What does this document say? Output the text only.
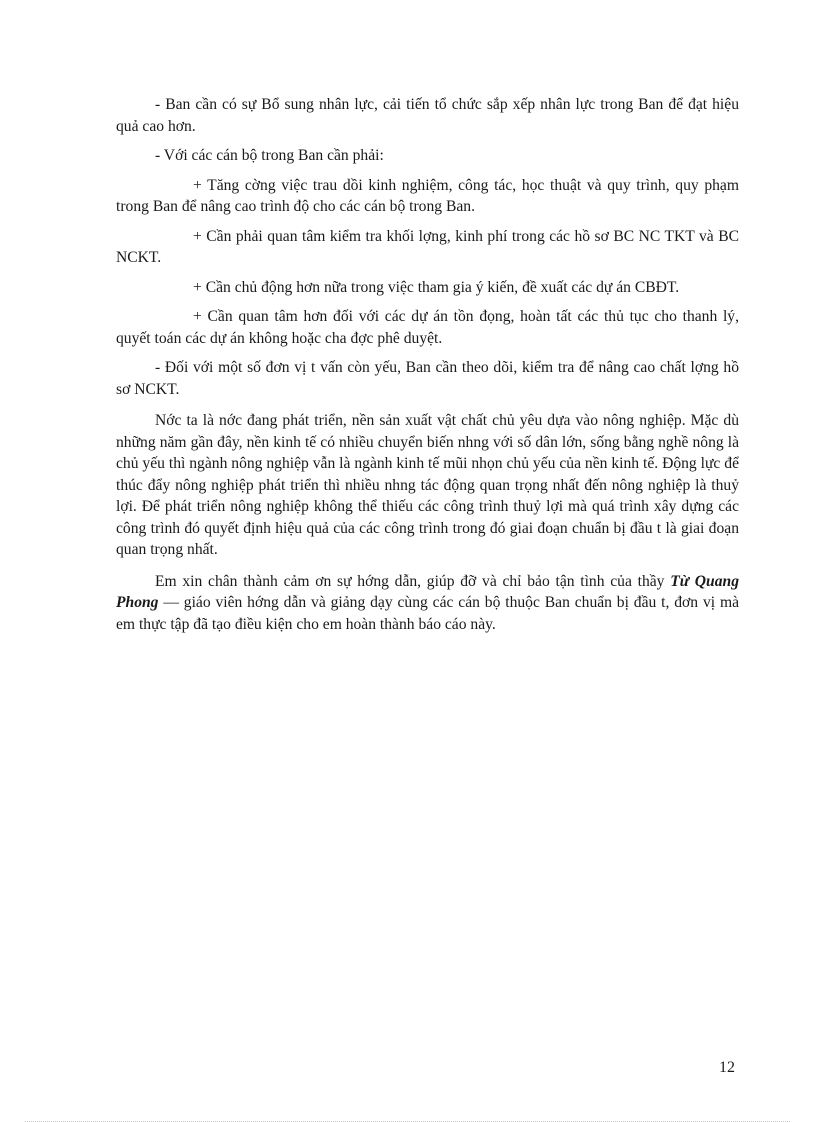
- Ban cần có sự Bổ sung nhân lực, cải tiến tổ chức sắp xếp nhân lực trong Ban để đạt hiệu quả cao hơn.

- Với các cán bộ trong Ban cần phải:

+ Tăng cờng việc trau dồi kinh nghiệm, công tác, học thuật và quy trình, quy phạm trong Ban để nâng cao trình độ cho các cán bộ trong Ban.

+ Cần phải quan tâm kiểm tra khối lợng, kinh phí trong các hồ sơ BC NC TKT và BC NCKT.

+ Cần chủ động hơn nữa trong việc tham gia ý kiến, đề xuất các dự án CBĐT.

+ Cần quan tâm hơn đối với các dự án tồn đọng, hoàn tất các thủ tục cho thanh lý, quyết toán các dự án không hoặc cha đợc phê duyệt.

- Đối với một số đơn vị t vấn còn yếu, Ban cần theo dõi, kiểm tra để nâng cao chất lợng hồ sơ NCKT.

Nớc ta là nớc đang phát triển, nền sản xuất vật chất chủ yêu dựa vào nông nghiệp. Mặc dù những năm gần đây, nền kinh tế có nhiều chuyển biến nhng với số dân lớn, sống bằng nghề nông là chủ yếu thì ngành nông nghiệp vẫn là ngành kinh tế mũi nhọn chủ yếu của nền kinh tế. Động lực để thúc đẩy nông nghiệp phát triển thì nhiều nhng tác động quan trọng nhất đến nông nghiệp là thuỷ lợi. Để phát triển nông nghiệp không thể thiếu các công trình thuỷ lợi mà quá trình xây dựng các công trình đó quyết định hiệu quả của các công trình trong đó giai đoạn chuẩn bị đầu t là giai đoạn quan trọng nhất.

Em xin chân thành cảm ơn sự hớng dẫn, giúp đỡ và chỉ bảo tận tình của thầy Từ Quang Phong — giáo viên hớng dẫn và giảng dạy cùng các cán bộ thuộc Ban chuẩn bị đầu t, đơn vị mà em thực tập đã tạo điều kiện cho em hoàn thành báo cáo này.

12
